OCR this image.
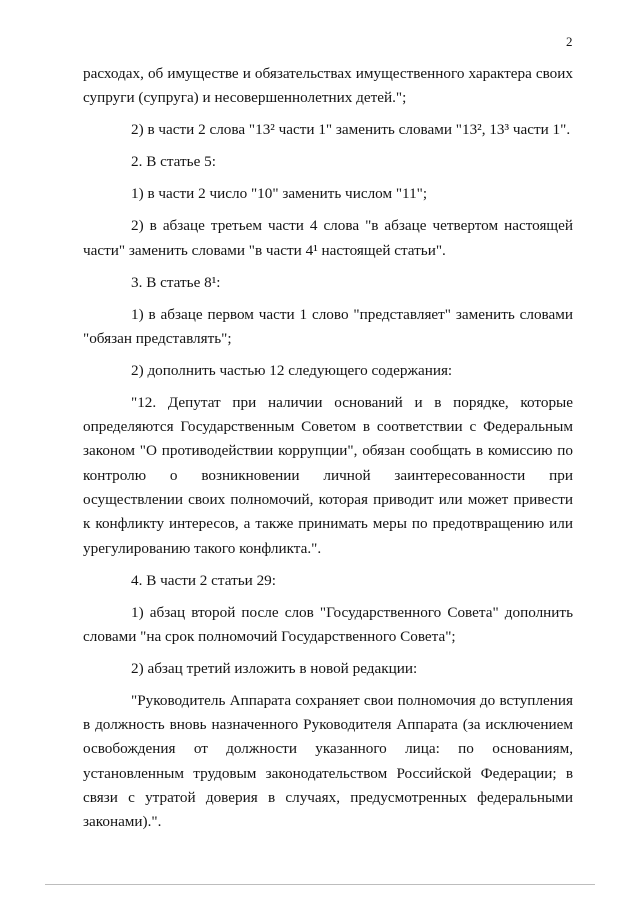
2

расходах, об имуществе и обязательствах имущественного характера своих супруги (супруга) и несовершеннолетних детей.";

2) в части 2 слова "13² части 1" заменить словами "13², 13³ части 1".

2. В статье 5:

1) в части 2 число "10" заменить числом "11";

2) в абзаце третьем части 4 слова "в абзаце четвертом настоящей части" заменить словами "в части 4¹ настоящей статьи".

3. В статье 8¹:

1) в абзаце первом части 1 слово "представляет" заменить словами "обязан представлять";

2) дополнить частью 12 следующего содержания:

"12. Депутат при наличии оснований и в порядке, которые определяются Государственным Советом в соответствии с Федеральным законом "О противодействии коррупции", обязан сообщать в комиссию по контролю о возникновении личной заинтересованности при осуществлении своих полномочий, которая приводит или может привести к конфликту интересов, а также принимать меры по предотвращению или урегулированию такого конфликта.".

4. В части 2 статьи 29:

1) абзац второй после слов "Государственного Совета" дополнить словами "на срок полномочий Государственного Совета";

2) абзац третий изложить в новой редакции:

"Руководитель Аппарата сохраняет свои полномочия до вступления в должность вновь назначенного Руководителя Аппарата (за исключением освобождения от должности указанного лица: по основаниям, установленным трудовым законодательством Российской Федерации; в связи с утратой доверия в случаях, предусмотренных федеральными законами).".
